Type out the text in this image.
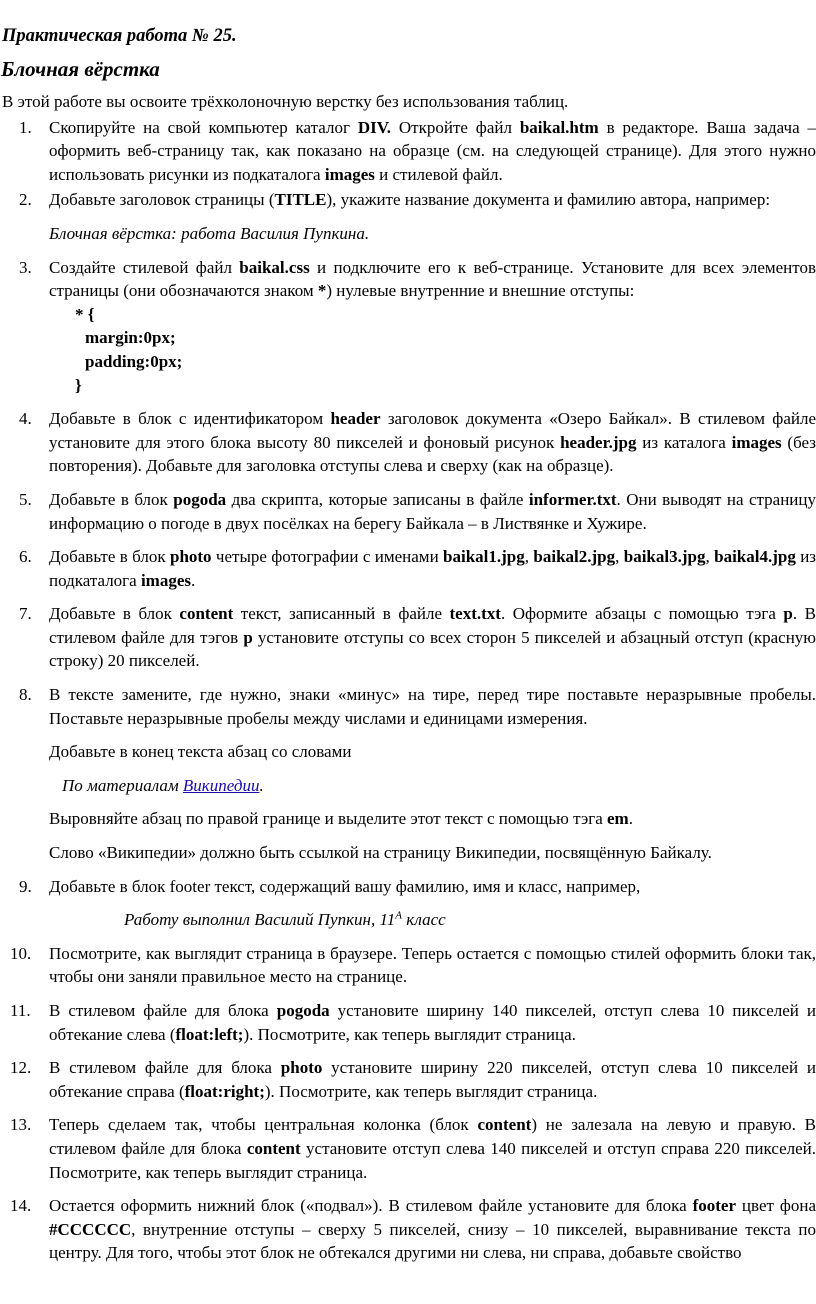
Практическая работа № 25.
Блочная вёрстка
В этой работе вы освоите трёхколоночную верстку без использования таблиц.
1. Скопируйте на свой компьютер каталог DIV. Откройте файл baikal.htm в редакторе. Ваша задача – оформить веб-страницу так, как показано на образце (см. на следующей странице). Для этого нужно использовать рисунки из подкаталога images и стилевой файл.
2. Добавьте заголовок страницы (TITLE), укажите название документа и фамилию автора, например:
Блочная вёрстка: работа Василия Пупкина.
3. Создайте стилевой файл baikal.css и подключите его к веб-странице. Установите для всех элементов страницы (они обозначаются знаком *) нулевые внутренние и внешние отступы:
* {
margin:0px;
padding:0px;
}
4. Добавьте в блок с идентификатором header заголовок документа «Озеро Байкал». В стилевом файле установите для этого блока высоту 80 пикселей и фоновый рисунок header.jpg из каталога images (без повторения). Добавьте для заголовка отступы слева и сверху (как на образце).
5. Добавьте в блок pogoda два скрипта, которые записаны в файле informer.txt. Они выводят на страницу информацию о погоде в двух посёлках на берегу Байкала – в Листвянке и Хужире.
6. Добавьте в блок photo четыре фотографии с именами baikal1.jpg, baikal2.jpg, baikal3.jpg, baikal4.jpg из подкаталога images.
7. Добавьте в блок content текст, записанный в файле text.txt. Оформите абзацы с помощью тэга p. В стилевом файле для тэгов p установите отступы со всех сторон 5 пикселей и абзацный отступ (красную строку) 20 пикселей.
8. В тексте замените, где нужно, знаки «минус» на тире, перед тире поставьте неразрывные пробелы. Поставьте неразрывные пробелы между числами и единицами измерения.
Добавьте в конец текста абзац со словами
По материалам Википедии.
Выровняйте абзац по правой границе и выделите этот текст с помощью тэга em.
Слово «Википедии» должно быть ссылкой на страницу Википедии, посвящённую Байкалу.
9. Добавьте в блок footer текст, содержащий вашу фамилию, имя и класс, например,
Работу выполнил Василий Пупкин, $11^А$ класс
10. Посмотрите, как выглядит страница в браузере. Теперь остается с помощью стилей оформить блоки так, чтобы они заняли правильное место на странице.
11. В стилевом файле для блока pogoda установите ширину 140 пикселей, отступ слева 10 пикселей и обтекание слева (float:left;). Посмотрите, как теперь выглядит страница.
12. В стилевом файле для блока photo установите ширину 220 пикселей, отступ слева 10 пикселей и обтекание справа (float:right;). Посмотрите, как теперь выглядит страница.
13. Теперь сделаем так, чтобы центральная колонка (блок content) не залезала на левую и правую. В стилевом файле для блока content установите отступ слева 140 пикселей и отступ справа 220 пикселей. Посмотрите, как теперь выглядит страница.
14. Остается оформить нижний блок («подвал»). В стилевом файле установите для блока footer цвет фона #CCCCCC, внутренние отступы – сверху 5 пикселей, снизу – 10 пикселей, выравнивание текста по центру. Для того, чтобы этот блок не обтекался другими ни слева, ни справа, добавьте свойство
